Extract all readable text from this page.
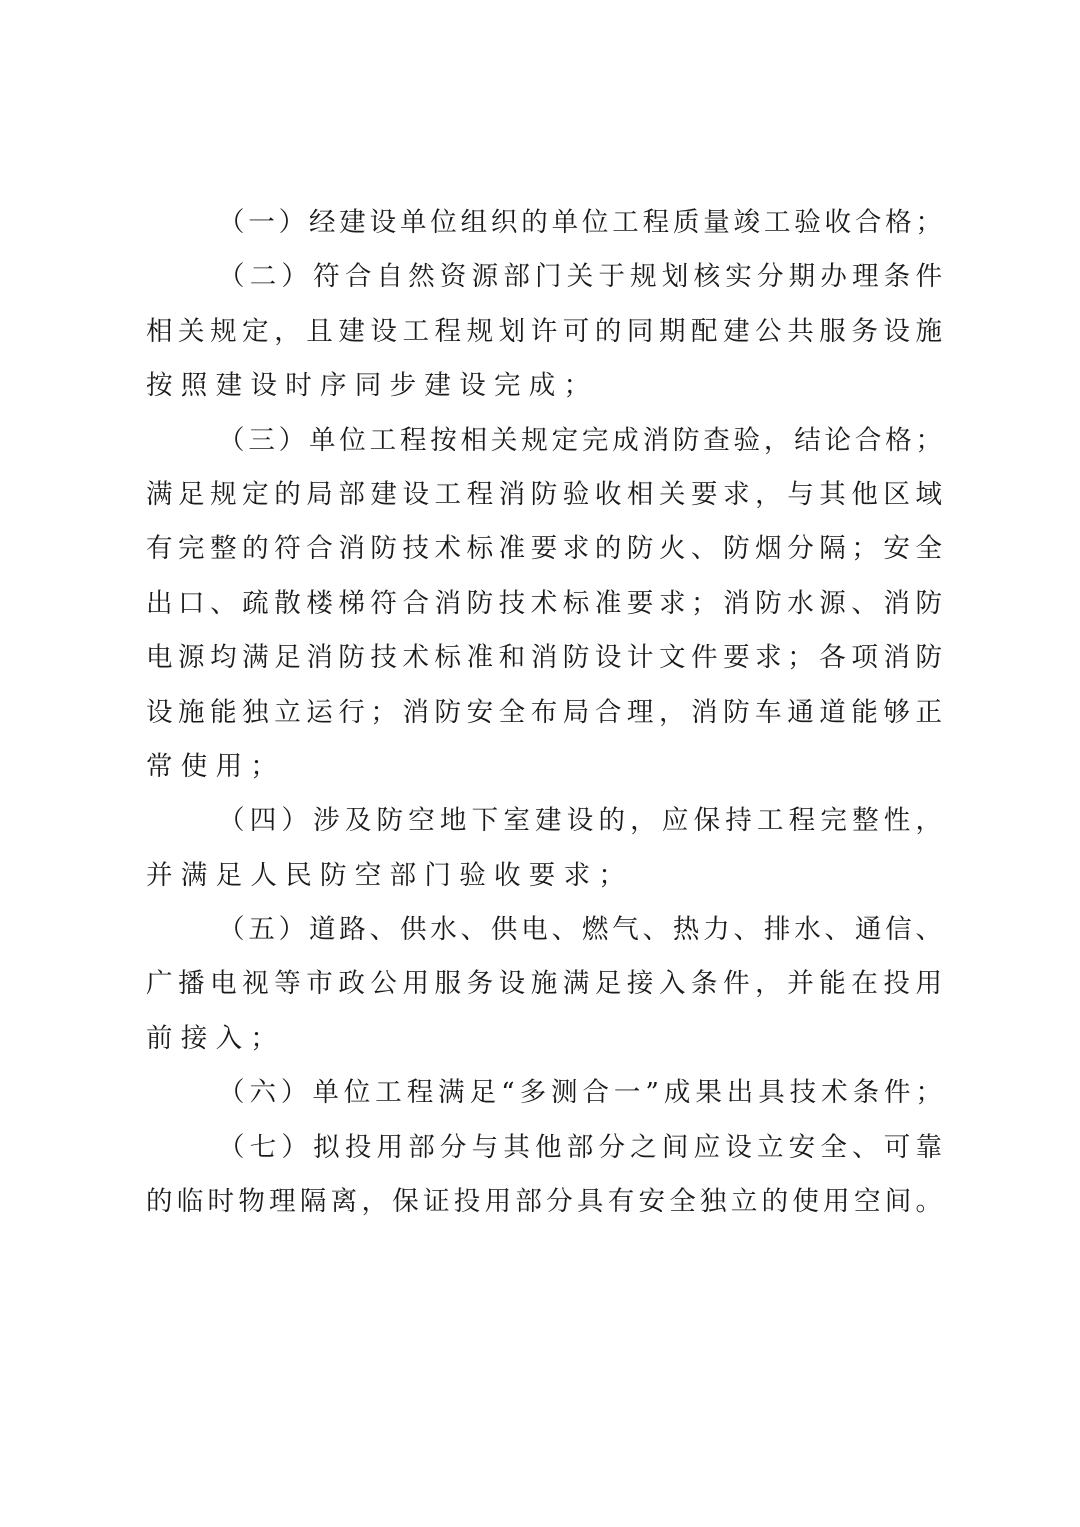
（一）经建设单位组织的单位工程质量竣工验收合格；
（二）符合自然资源部门关于规划核实分期办理条件
相关规定，且建设工程规划许可的同期配建公共服务设施
按照建设时序同步建设完成；
（三）单位工程按相关规定完成消防查验，结论合格；
满足规定的局部建设工程消防验收相关要求，与其他区域
有完整的符合消防技术标准要求的防火、防烟分隔；安全
出口、疏散楼梯符合消防技术标准要求；消防水源、消防
电源均满足消防技术标准和消防设计文件要求；各项消防
设施能独立运行；消防安全布局合理，消防车通道能够正
常使用；
（四）涉及防空地下室建设的，应保持工程完整性，
并满足人民防空部门验收要求；
（五）道路、供水、供电、燃气、热力、排水、通信、
广播电视等市政公用服务设施满足接入条件，并能在投用
前接入；
（六）单位工程满足“多测合一”成果出具技术条件；
（七）拟投用部分与其他部分之间应设立安全、可靠
的临时物理隔离，保证投用部分具有安全独立的使用空间。
